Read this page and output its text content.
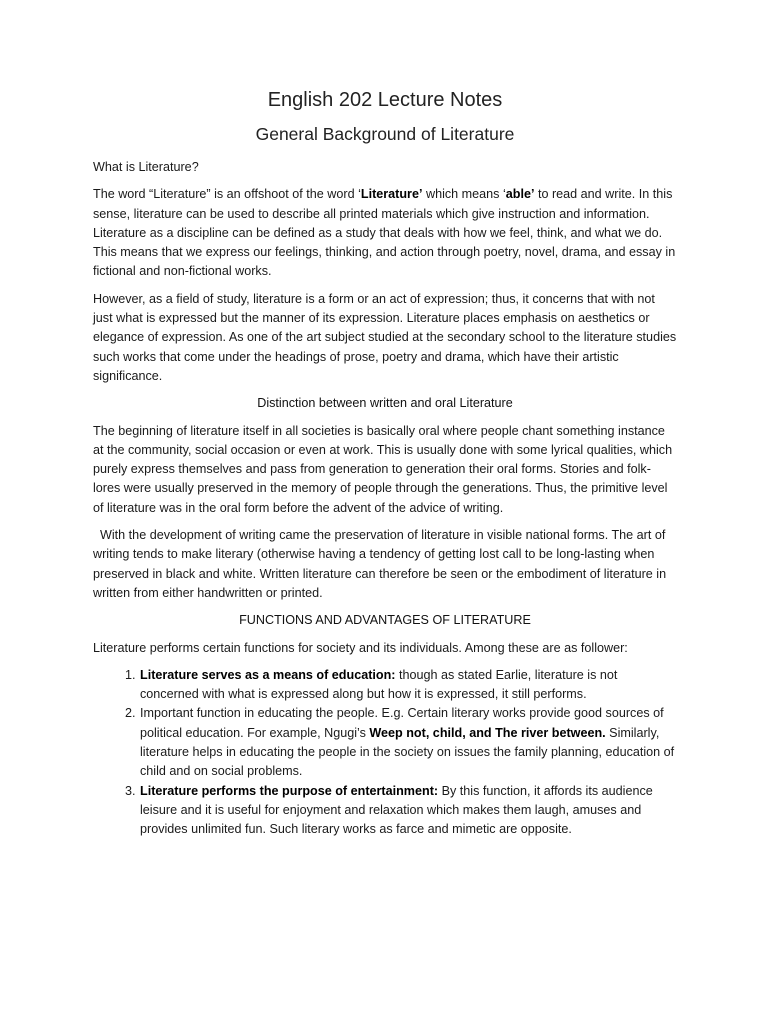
English 202 Lecture Notes
General Background of Literature

What is Literature?

The word “Literature” is an offshoot of the word ‘Literature’ which means ‘able’ to read and write. In this sense, literature can be used to describe all printed materials which give instruction and information. Literature as a discipline can be defined as a study that deals with how we feel, think, and what we do. This means that we express our feelings, thinking, and action through poetry, novel, drama, and essay in fictional and non-fictional works.

However, as a field of study, literature is a form or an act of expression; thus, it concerns that with not just what is expressed but the manner of its expression. Literature places emphasis on aesthetics or elegance of expression. As one of the art subject studied at the secondary school to the literature studies such works that come under the headings of prose, poetry and drama, which have their artistic significance.

Distinction between written and oral Literature

The beginning of literature itself in all societies is basically oral where people chant something instance at the community, social occasion or even at work. This is usually done with some lyrical qualities, which purely express themselves and pass from generation to generation their oral forms. Stories and folk-lores were usually preserved in the memory of people through the generations. Thus, the primitive level of literature was in the oral form before the advent of the advice of writing.

With the development of writing came the preservation of literature in visible national forms. The art of writing tends to make literary (otherwise having a tendency of getting lost call to be long-lasting when preserved in black and white. Written literature can therefore be seen or the embodiment of literature in written from either handwritten or printed.

FUNCTIONS AND ADVANTAGES OF LITERATURE

Literature performs certain functions for society and its individuals. Among these are as follower:

1. Literature serves as a means of education: though as stated Earlie, literature is not concerned with what is expressed along but how it is expressed, it still performs.
2. Important function in educating the people. E.g. Certain literary works provide good sources of political education. For example, Ngugi’s Weep not, child, and The river between. Similarly, literature helps in educating the people in the society on issues the family planning, education of child and on social problems.
3. Literature performs the purpose of entertainment: By this function, it affords its audience leisure and it is useful for enjoyment and relaxation which makes them laugh, amuses and provides unlimited fun. Such literary works as farce and mimetic are opposite.
